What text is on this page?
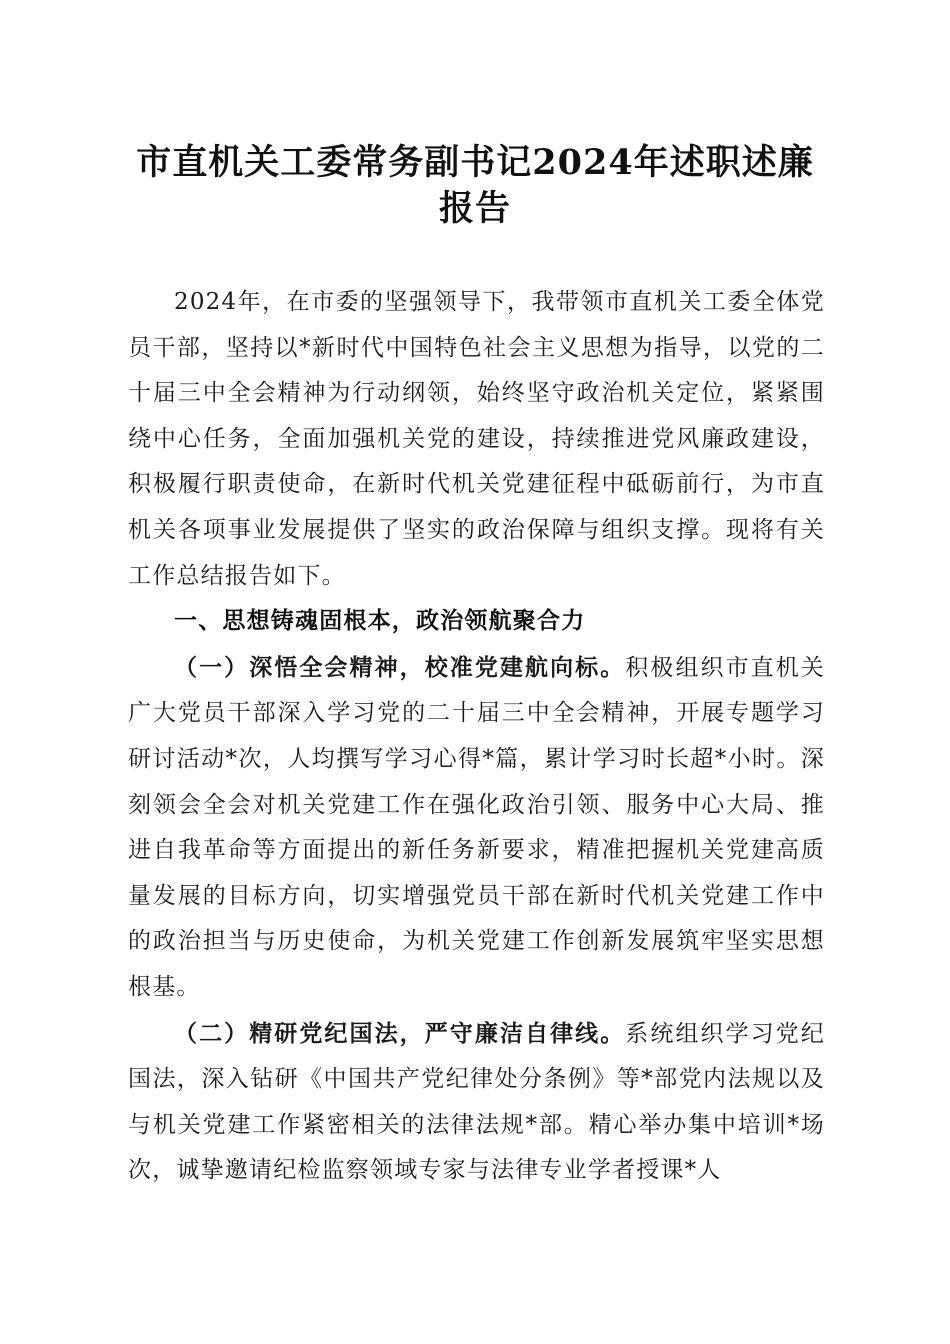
市直机关工委常务副书记2024年述职述廉报告

2024年，在市委的坚强领导下，我带领市直机关工委全体党员干部，坚持以*新时代中国特色社会主义思想为指导，以党的二十届三中全会精神为行动纲领，始终坚守政治机关定位，紧紧围绕中心任务，全面加强机关党的建设，持续推进党风廉政建设，积极履行职责使命，在新时代机关党建征程中砥砺前行，为市直机关各项事业发展提供了坚实的政治保障与组织支撑。现将有关工作总结报告如下。

一、思想铸魂固根本，政治领航聚合力

（一）深悟全会精神，校准党建航向标。积极组织市直机关广大党员干部深入学习党的二十届三中全会精神，开展专题学习研讨活动*次，人均撰写学习心得*篇，累计学习时长超*小时。深刻领会全会对机关党建工作在强化政治引领、服务中心大局、推进自我革命等方面提出的新任务新要求，精准把握机关党建高质量发展的目标方向，切实增强党员干部在新时代机关党建工作中的政治担当与历史使命，为机关党建工作创新发展筑牢坚实思想根基。

（二）精研党纪国法，严守廉洁自律线。系统组织学习党纪国法，深入钻研《中国共产党纪律处分条例》等*部党内法规以及与机关党建工作紧密相关的法律法规*部。精心举办集中培训*场次，诚挚邀请纪检监察领域专家与法律专业学者授课*人
